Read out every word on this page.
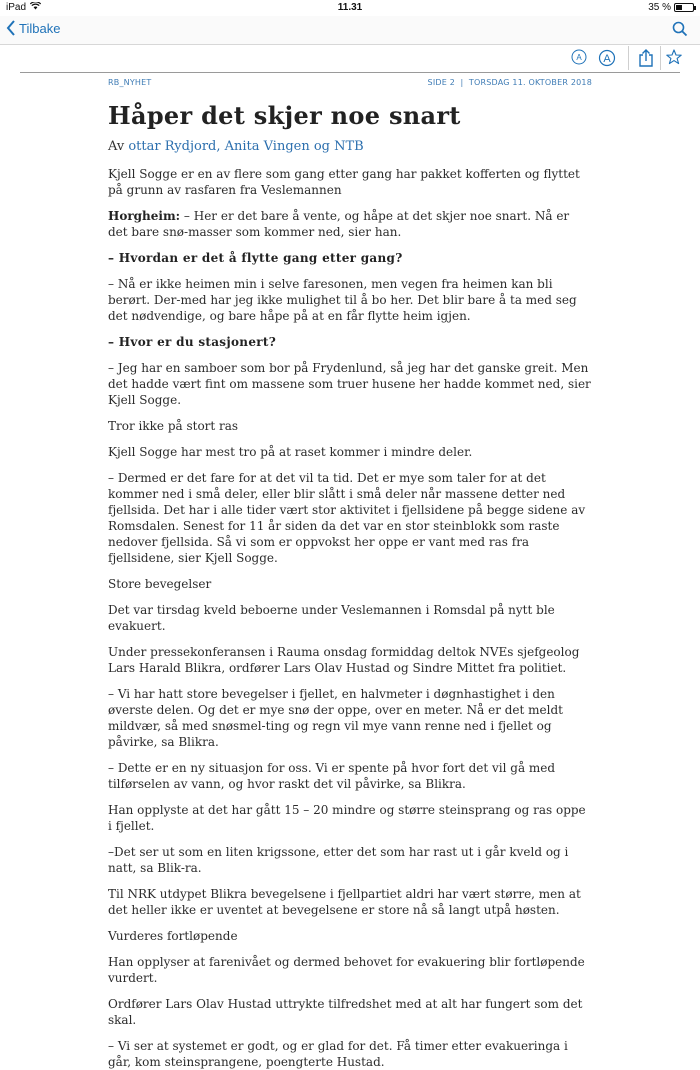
iPad	11.31	35 %
Tilbake
A A
RB_NYHET	SIDE 2  |  TORSDAG 11. OKTOBER 2018
Håper det skjer noe snart
Av ottar Rydjord, Anita Vingen og NTB

Kjell Sogge er en av flere som gang etter gang har pakket kofferten og flyttet på grunn av rasfaren fra Veslemannen

Horgheim: – Her er det bare å vente, og håpe at det skjer noe snart. Nå er det bare snø-masser som kommer ned, sier han.

– Hvordan er det å flytte gang etter gang?

– Nå er ikke heimen min i selve faresonen, men vegen fra heimen kan bli berørt. Der-med har jeg ikke mulighet til å bo her. Det blir bare å ta med seg det nødvendige, og bare håpe på at en får flytte heim igjen.

– Hvor er du stasjonert?

– Jeg har en samboer som bor på Frydenlund, så jeg har det ganske greit. Men det hadde vært fint om massene som truer husene her hadde kommet ned, sier Kjell Sogge.

Tror ikke på stort ras

Kjell Sogge har mest tro på at raset kommer i mindre deler.

– Dermed er det fare for at det vil ta tid. Det er mye som taler for at det kommer ned i små deler, eller blir slått i små deler når massene detter ned fjellsida. Det har i alle tider vært stor aktivitet i fjellsidene på begge sidene av Romsdalen. Senest for 11 år siden da det var en stor steinblokk som raste nedover fjellsida. Så vi som er oppvokst her oppe er vant med ras fra fjellsidene, sier Kjell Sogge.

Store bevegelser

Det var tirsdag kveld beboerne under Veslemannen i Romsdal på nytt ble evakuert.

Under pressekonferansen i Rauma onsdag formiddag deltok NVEs sjefgeolog Lars Harald Blikra, ordfører Lars Olav Hustad og Sindre Mittet fra politiet.

– Vi har hatt store bevegelser i fjellet, en halvmeter i døgnhastighet i den øverste delen. Og det er mye snø der oppe, over en meter. Nå er det meldt mildvær, så med snøsmel-ting og regn vil mye vann renne ned i fjellet og påvirke, sa Blikra.

– Dette er en ny situasjon for oss. Vi er spente på hvor fort det vil gå med tilførselen av vann, og hvor raskt det vil påvirke, sa Blikra.

Han opplyste at det har gått 15 – 20 mindre og større steinsprang og ras oppe i fjellet.

–Det ser ut som en liten krigssone, etter det som har rast ut i går kveld og i natt, sa Blik-ra.

Til NRK utdypet Blikra bevegelsene i fjellpartiet aldri har vært større, men at det heller ikke er uventet at bevegelsene er store nå så langt utpå høsten.

Vurderes fortløpende

Han opplyser at farenivået og dermed behovet for evakuering blir fortløpende vurdert.

Ordfører Lars Olav Hustad uttrykte tilfredshet med at alt har fungert som det skal.

– Vi ser at systemet er godt, og er glad for det. Få timer etter evakueringa i går, kom steinsprangene, poengterte Hustad.
